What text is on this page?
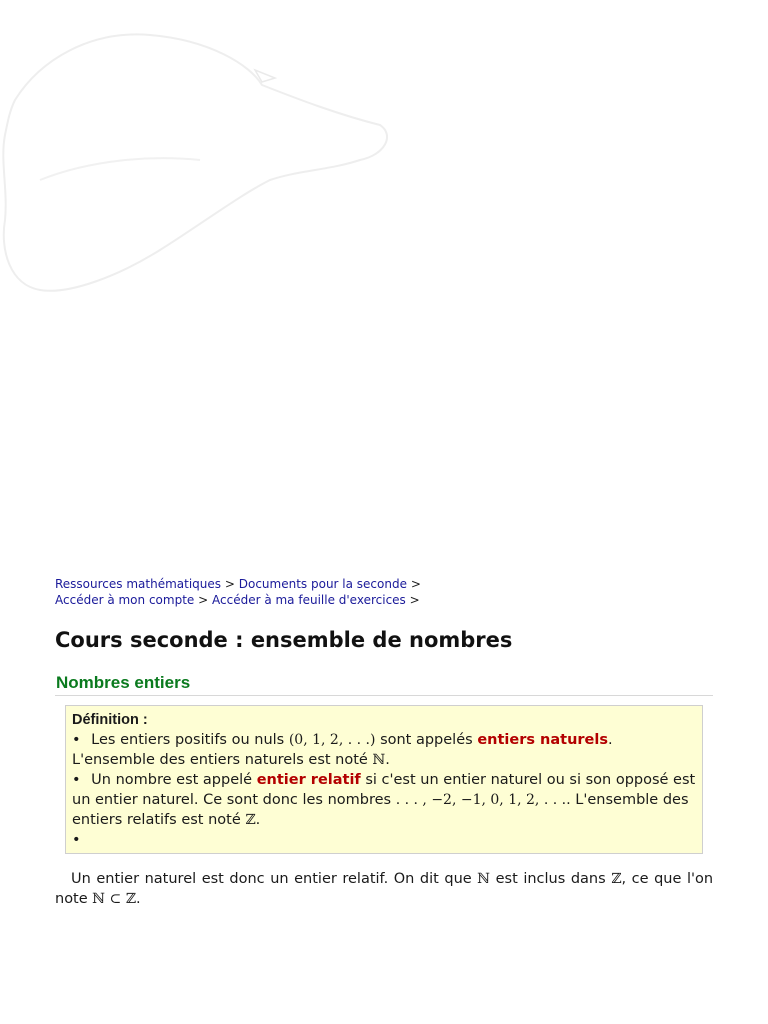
Ressources mathématiques > Documents pour la seconde >
Accéder à mon compte > Accéder à ma feuille d'exercices >
Cours seconde : ensemble de nombres
Nombres entiers
Définition :
• Les entiers positifs ou nuls (0, 1, 2, . . .) sont appelés entiers naturels. L'ensemble des entiers naturels est noté ℕ.
• Un nombre est appelé entier relatif si c'est un entier naturel ou si son opposé est un entier naturel. Ce sont donc les nombres . . . , −2, −1, 0, 1, 2, . . .. L'ensemble des entiers relatifs est noté ℤ.
•

Un entier naturel est donc un entier relatif. On dit que ℕ est inclus dans ℤ, ce que l'on note ℕ ⊂ ℤ.
